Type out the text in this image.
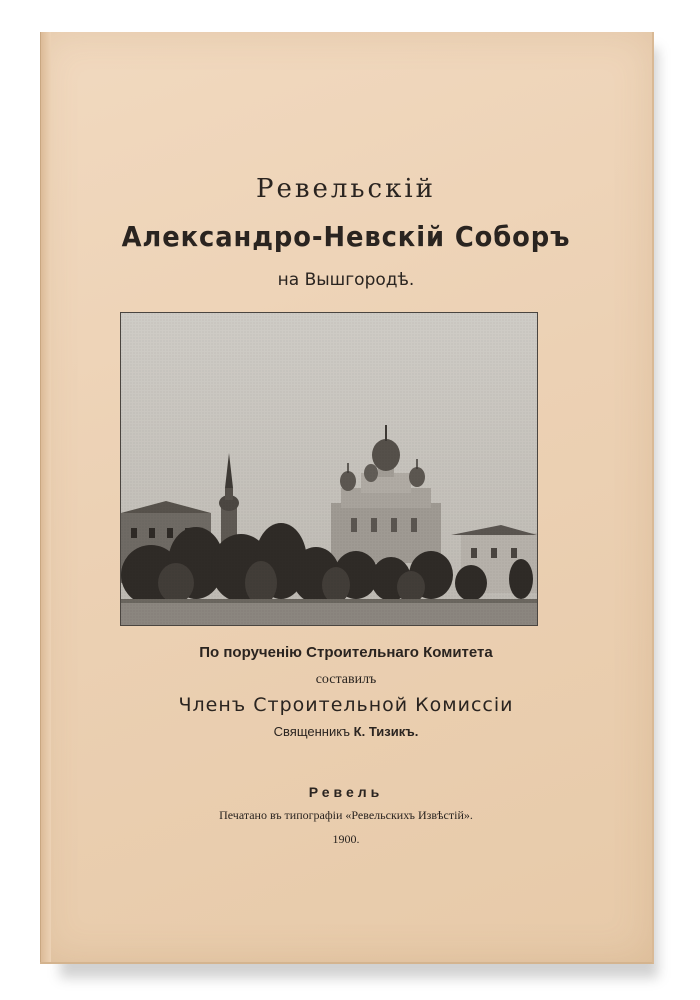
Ревельскiй
Александро-Невскiй Соборъ
на Вышгородѣ.
По порученiю Строительнаго Комитета
составилъ
Членъ Строительной Комиссiи
Священникъ К. Тизикъ.
Ревель
Печатано въ типографiи «Ревельскихъ Извѣстiй».
1900.
